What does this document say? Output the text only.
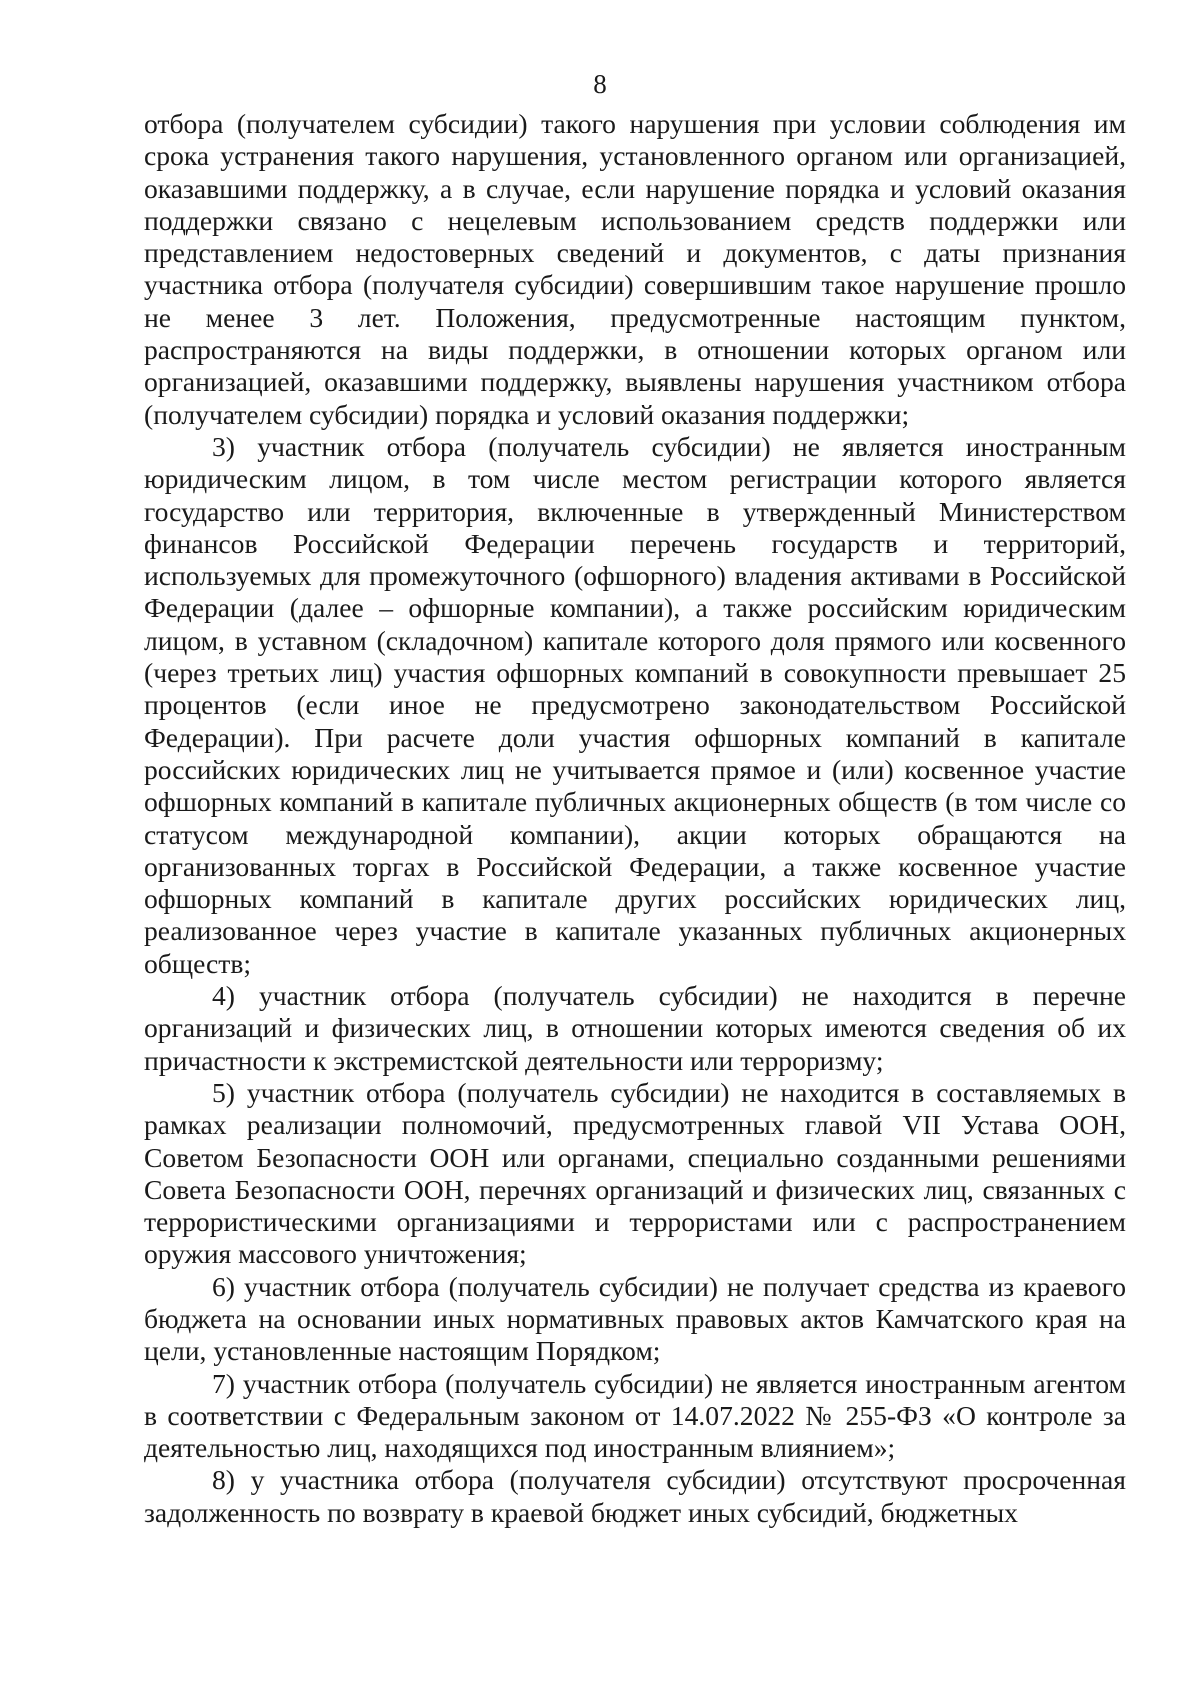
8

отбора (получателем субсидии) такого нарушения при условии соблюдения им срока устранения такого нарушения, установленного органом или организацией, оказавшими поддержку, а в случае, если нарушение порядка и условий оказания поддержки связано с нецелевым использованием средств поддержки или представлением недостоверных сведений и документов, с даты признания участника отбора (получателя субсидии) совершившим такое нарушение прошло не менее 3 лет. Положения, предусмотренные настоящим пунктом, распространяются на виды поддержки, в отношении которых органом или организацией, оказавшими поддержку, выявлены нарушения участником отбора (получателем субсидии) порядка и условий оказания поддержки;

3) участник отбора (получатель субсидии) не является иностранным юридическим лицом, в том числе местом регистрации которого является государство или территория, включенные в утвержденный Министерством финансов Российской Федерации перечень государств и территорий, используемых для промежуточного (офшорного) владения активами в Российской Федерации (далее – офшорные компании), а также российским юридическим лицом, в уставном (складочном) капитале которого доля прямого или косвенного (через третьих лиц) участия офшорных компаний в совокупности превышает 25 процентов (если иное не предусмотрено законодательством Российской Федерации). При расчете доли участия офшорных компаний в капитале российских юридических лиц не учитывается прямое и (или) косвенное участие офшорных компаний в капитале публичных акционерных обществ (в том числе со статусом международной компании), акции которых обращаются на организованных торгах в Российской Федерации, а также косвенное участие офшорных компаний в капитале других российских юридических лиц, реализованное через участие в капитале указанных публичных акционерных обществ;

4) участник отбора (получатель субсидии) не находится в перечне организаций и физических лиц, в отношении которых имеются сведения об их причастности к экстремистской деятельности или терроризму;

5) участник отбора (получатель субсидии) не находится в составляемых в рамках реализации полномочий, предусмотренных главой VII Устава ООН, Советом Безопасности ООН или органами, специально созданными решениями Совета Безопасности ООН, перечнях организаций и физических лиц, связанных с террористическими организациями и террористами или с распространением оружия массового уничтожения;

6) участник отбора (получатель субсидии) не получает средства из краевого бюджета на основании иных нормативных правовых актов Камчатского края на цели, установленные настоящим Порядком;

7) участник отбора (получатель субсидии) не является иностранным агентом в соответствии с Федеральным законом от 14.07.2022 № 255-ФЗ «О контроле за деятельностью лиц, находящихся под иностранным влиянием»;

8) у участника отбора (получателя субсидии) отсутствуют просроченная задолженность по возврату в краевой бюджет иных субсидий, бюджетных
